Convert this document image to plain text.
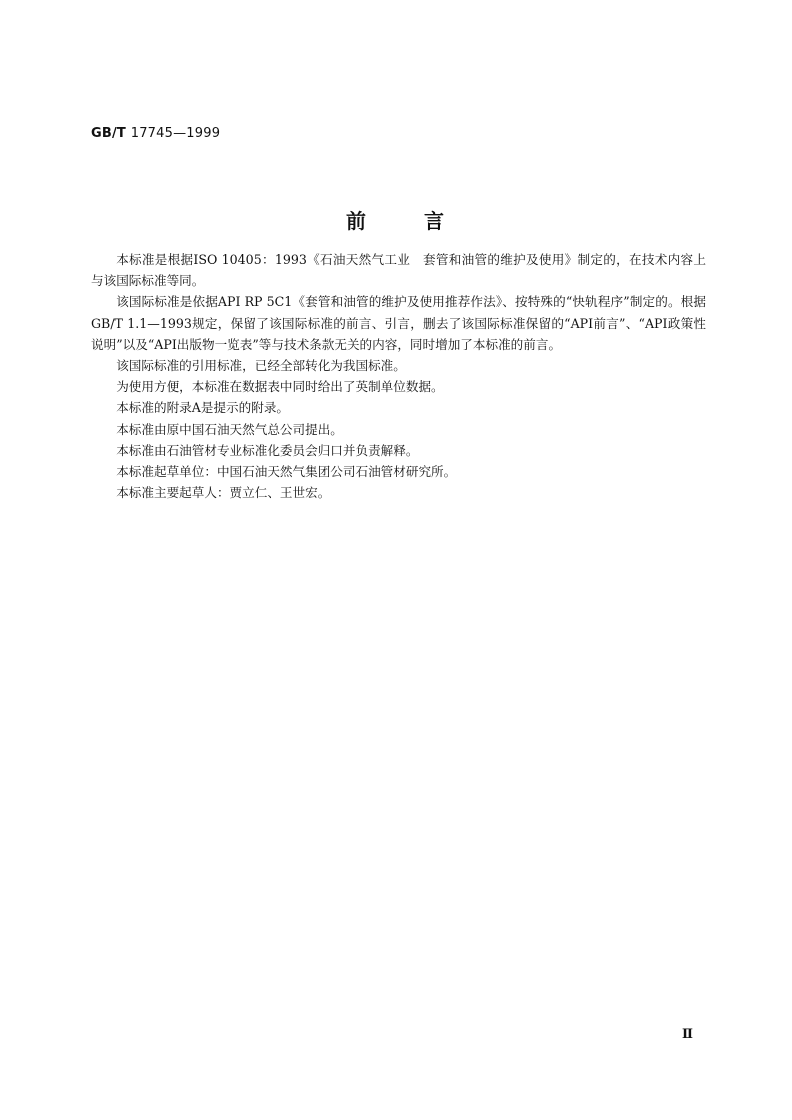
GB/T 17745—1999
前	言

本标准是根据ISO 10405：1993《石油天然气工业　套管和油管的维护及使用》制定的，在技术内容上与该国际标准等同。

该国际标准是依据API RP 5C1《套管和油管的维护及使用推荐作法》、按特殊的“快轨程序”制定的。根据GB/T 1.1—1993规定，保留了该国际标准的前言、引言，删去了该国际标准保留的“API前言”、“API政策性说明”以及“API出版物一览表”等与技术条款无关的内容，同时增加了本标准的前言。

该国际标准的引用标准，已经全部转化为我国标准。

为使用方便，本标准在数据表中同时给出了英制单位数据。

本标准的附录A是提示的附录。

本标准由原中国石油天然气总公司提出。

本标准由石油管材专业标准化委员会归口并负责解释。

本标准起草单位：中国石油天然气集团公司石油管材研究所。

本标准主要起草人：贾立仁、王世宏。

Ⅱ
